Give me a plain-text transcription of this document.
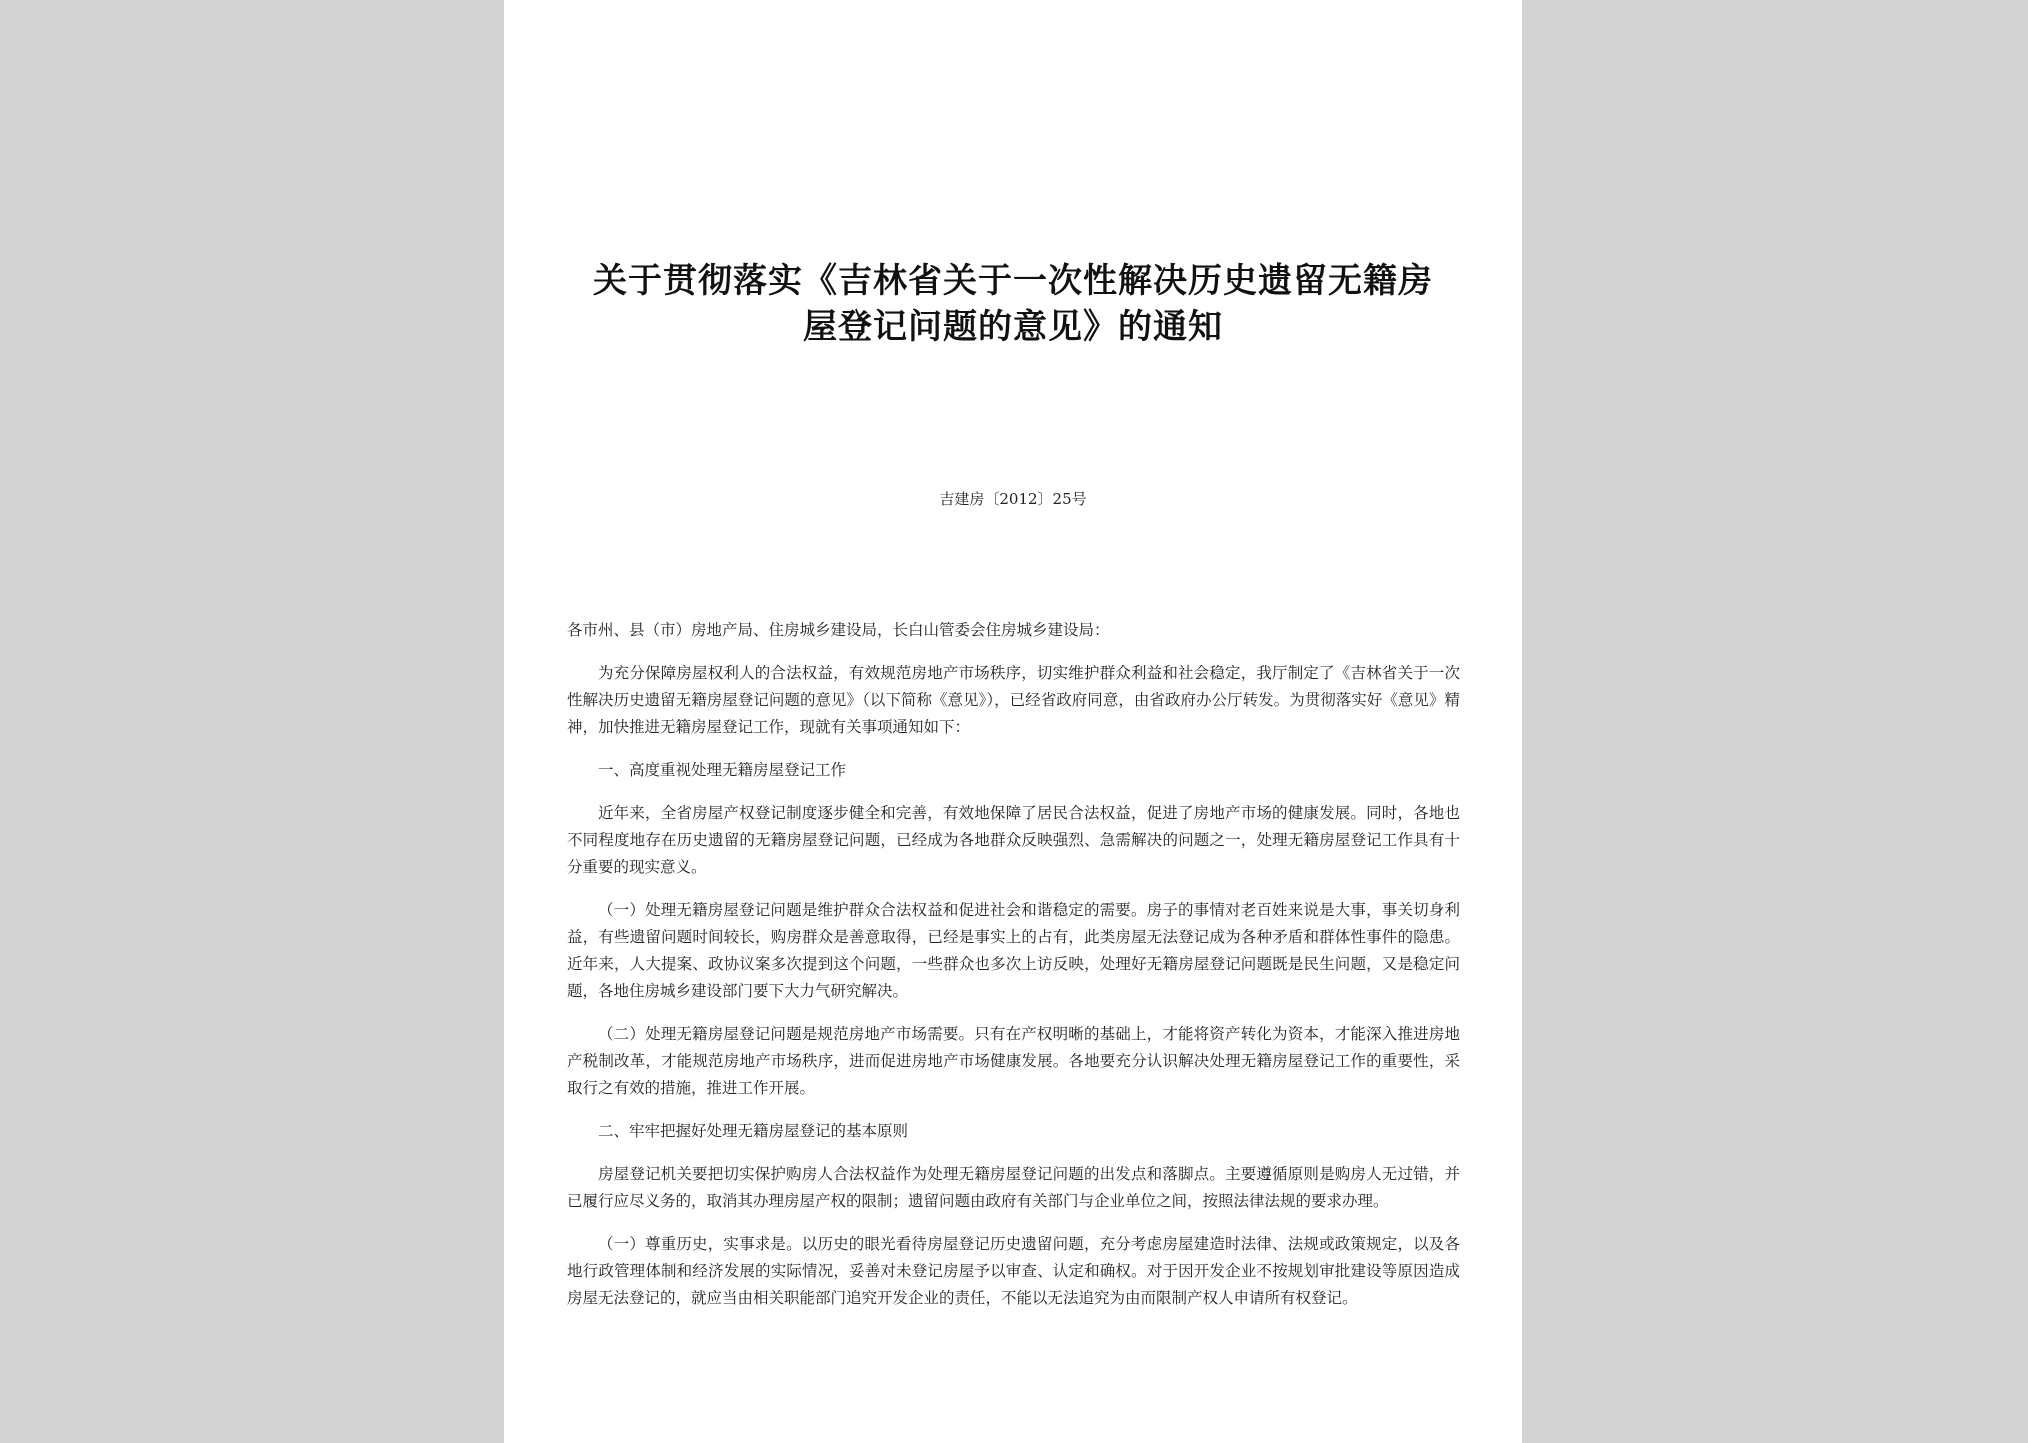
关于贯彻落实《吉林省关于一次性解决历史遗留无籍房
屋登记问题的意见》的通知
吉建房〔2012〕25号

各市州、县（市）房地产局、住房城乡建设局，长白山管委会住房城乡建设局：

为充分保障房屋权利人的合法权益，有效规范房地产市场秩序，切实维护群众利益和社会稳定，我厅制定了《吉林省关于一次性解决历史遗留无籍房屋登记问题的意见》（以下简称《意见》），已经省政府同意，由省政府办公厅转发。为贯彻落实好《意见》精神，加快推进无籍房屋登记工作，现就有关事项通知如下：

一、高度重视处理无籍房屋登记工作

近年来，全省房屋产权登记制度逐步健全和完善，有效地保障了居民合法权益，促进了房地产市场的健康发展。同时，各地也不同程度地存在历史遗留的无籍房屋登记问题，已经成为各地群众反映强烈、急需解决的问题之一，处理无籍房屋登记工作具有十分重要的现实意义。

（一）处理无籍房屋登记问题是维护群众合法权益和促进社会和谐稳定的需要。房子的事情对老百姓来说是大事，事关切身利益，有些遗留问题时间较长，购房群众是善意取得，已经是事实上的占有，此类房屋无法登记成为各种矛盾和群体性事件的隐患。近年来，人大提案、政协议案多次提到这个问题，一些群众也多次上访反映，处理好无籍房屋登记问题既是民生问题，又是稳定问题，各地住房城乡建设部门要下大力气研究解决。

（二）处理无籍房屋登记问题是规范房地产市场需要。只有在产权明晰的基础上，才能将资产转化为资本，才能深入推进房地产税制改革，才能规范房地产市场秩序，进而促进房地产市场健康发展。各地要充分认识解决处理无籍房屋登记工作的重要性，采取行之有效的措施，推进工作开展。

二、牢牢把握好处理无籍房屋登记的基本原则

房屋登记机关要把切实保护购房人合法权益作为处理无籍房屋登记问题的出发点和落脚点。主要遵循原则是购房人无过错，并已履行应尽义务的，取消其办理房屋产权的限制；遗留问题由政府有关部门与企业单位之间，按照法律法规的要求办理。

（一）尊重历史，实事求是。以历史的眼光看待房屋登记历史遗留问题，充分考虑房屋建造时法律、法规或政策规定，以及各地行政管理体制和经济发展的实际情况，妥善对未登记房屋予以审查、认定和确权。对于因开发企业不按规划审批建设等原因造成房屋无法登记的，就应当由相关职能部门追究开发企业的责任，不能以无法追究为由而限制产权人申请所有权登记。
